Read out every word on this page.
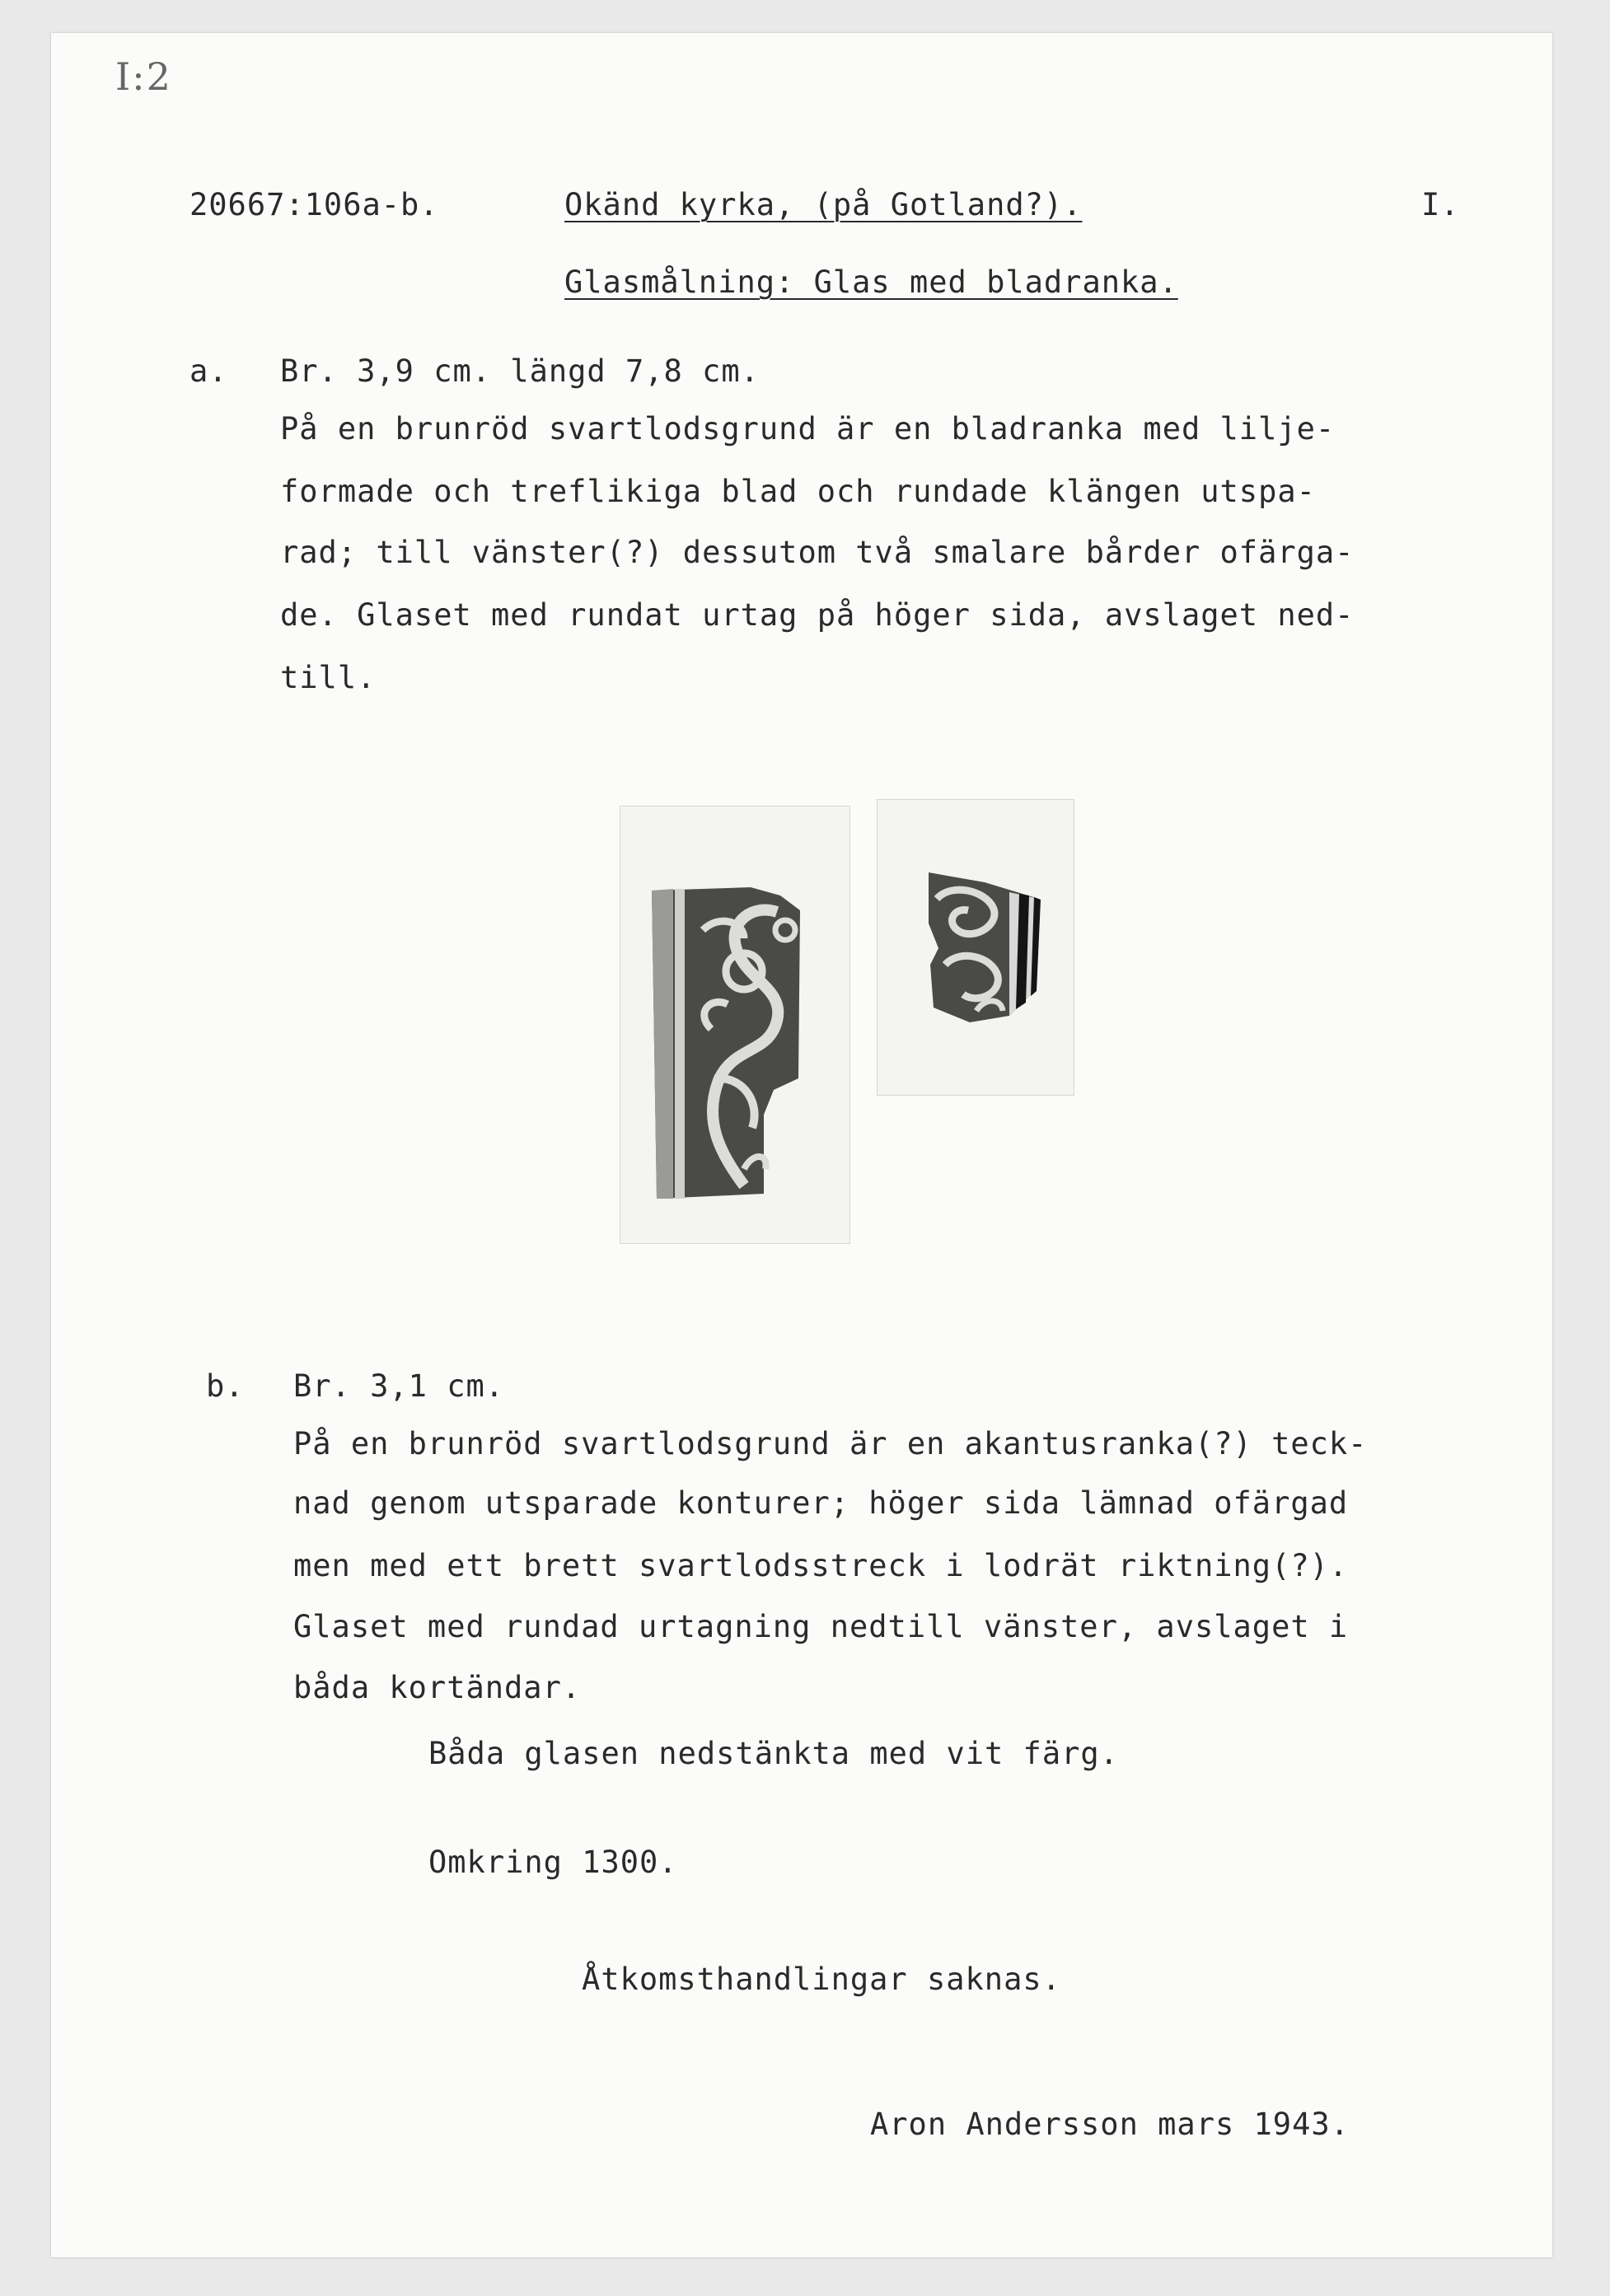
I:2
20667:106a-b.	Okänd kyrka, (på Gotland?).	I.
Glasmålning: Glas med bladranka.
a. Br. 3,9 cm. längd 7,8 cm.
På en brunröd svartlodsgrund är en bladranka med lilje-
formade och treflikiga blad och rundade klängen utspa-
rad; till vänster(?) dessutom två smalare bårder ofärga-
de. Glaset med rundat urtag på höger sida, avslaget ned-
till.
b. Br. 3,1 cm.
På en brunröd svartlodsgrund är en akantusranka(?) teck-
nad genom utsparade konturer; höger sida lämnad ofärgad
men med ett brett svartlodsstreck i lodrät riktning(?).
Glaset med rundad urtagning nedtill vänster, avslaget i
båda kortändar.
Båda glasen nedstänkta med vit färg.
Omkring 1300.
Åtkomsthandlingar saknas.
Aron Andersson mars 1943.
